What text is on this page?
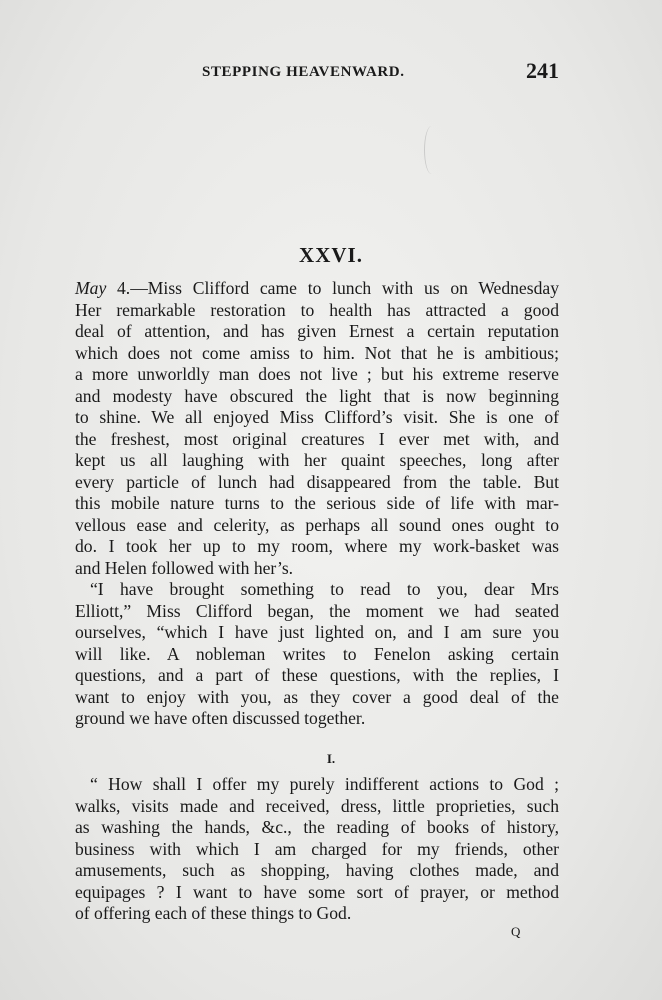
STEPPING HEAVENWARD.	241
XXVI.
May 4.—Miss Clifford came to lunch with us on Wednesday
Her remarkable restoration to health has attracted a good
deal of attention, and has given Ernest a certain reputation
which does not come amiss to him. Not that he is ambitious;
a more unworldly man does not live ; but his extreme reserve
and modesty have obscured the light that is now beginning
to shine. We all enjoyed Miss Clifford’s visit. She is one of
the freshest, most original creatures I ever met with, and
kept us all laughing with her quaint speeches, long after
every particle of lunch had disappeared from the table. But
this mobile nature turns to the serious side of life with mar-
vellous ease and celerity, as perhaps all sound ones ought to
do. I took her up to my room, where my work-basket was
and Helen followed with her’s.
“I have brought something to read to you, dear Mrs
Elliott,” Miss Clifford began, the moment we had seated
ourselves, “which I have just lighted on, and I am sure you
will like. A nobleman writes to Fenelon asking certain
questions, and a part of these questions, with the replies, I
want to enjoy with you, as they cover a good deal of the
ground we have often discussed together.
I.
“ How shall I offer my purely indifferent actions to God ;
walks, visits made and received, dress, little proprieties, such
as washing the hands, &c., the reading of books of history,
business with which I am charged for my friends, other
amusements, such as shopping, having clothes made, and
equipages ? I want to have some sort of prayer, or method
of offering each of these things to God.
Q
